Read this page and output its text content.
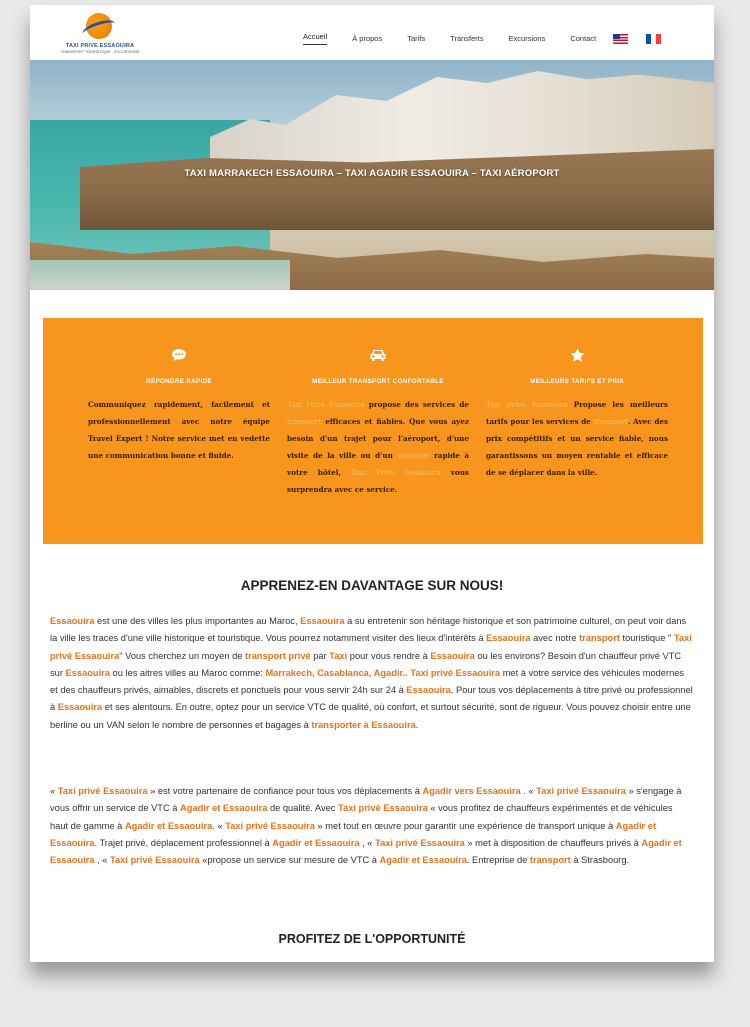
TAXI PRIVE ESSAOUIRA
TRANSPORT TOURISTIQUE - EXCURSIONS
Accueil	À propos	Tarifs	Transferts	Excursions	Contact
TAXI MARRAKECH ESSAOUIRA – TAXI AGADIR ESSAOUIRA – TAXI AÉROPORT
RÉPONDRE RAPIDE
Communiquez rapidement, facilement et professionnellement avec notre équipe Travel Expert ! Notre service met en vedette une communication bonne et fluide.
MEILLEUR TRANSPORT CONFORTABLE
Taxi Prive Essaouira propose des services de transport efficaces et fiables. Que vous ayez besoin d'un trajet pour l'aéroport, d'une visite de la ville ou d'un transfert rapide à votre hôtel, Taxi Prive Essaouira vous surprendra avec ce service.
MEILLEURS TARIFS ET PRIX
Taxi prive Essaouira Propose les meilleurs tarifs pour les services de transport. Avec des prix compétitifs et un service fiable, nous garantissons un moyen rentable et efficace de se déplacer dans la ville.
APPRENEZ-EN DAVANTAGE SUR NOUS!
Essaouira est une des villes les plus importantes au Maroc, Essaouira a su entretenir son héritage historique et son patrimoine culturel, on peut voir dans la ville les traces d'une ville historique et touristique. Vous pourrez notamment visiter des lieux d'intérêts à Essaouira avec notre transport touristique " Taxi privé Essaouira" Vous cherchez un moyen de transport privé par Taxi pour vous rendre à Essaouira ou les environs? Besoin d'un chauffeur privé VTC sur Essaouira ou les aitres villes au Maroc comme: Marrakech, Casablanca, Agadir.. Taxi privé Essaouira met à votre service des véhicules modernes et des chauffeurs privés, aimables, discrets et ponctuels pour vous servir 24h sur 24 à Essaouira. Pour tous vos déplacements à titre privé ou professionnel à Essaouira et ses alentours. En outre, optez pour un service VTC de qualité, où confort, et surtout sécurité, sont de rigueur. Vous pouvez choisir entre une berline ou un VAN selon le nombre de personnes et bagages à transporter à Essaouira.
« Taxi privé Essaouira » est votre partenaire de confiance pour tous vos déplacements à Agadir vers Essaouira . « Taxi privé Essaouira » s'engage à vous offrir un service de VTC à Agadir et Essaouira de qualité. Avec Taxi privé Essaouira « vous profitez de chauffeurs expérimentés et de véhicules haut de gamme à Agadir et Essaouira. « Taxi privé Essaouira » met tout en œuvre pour garantir une expérience de transport unique à Agadir et Essaouira. Trajet privé, déplacement professionnel à Agadir et Essaouira , « Taxi privé Essaouira » met à disposition de chauffeurs privés à Agadir et Essaouira , « Taxi privé Essaouira «propose un service sur mesure de VTC à Agadir et Essaouira. Entreprise de transport à Strasbourg.
PROFITEZ DE L'OPPORTUNITÉ
